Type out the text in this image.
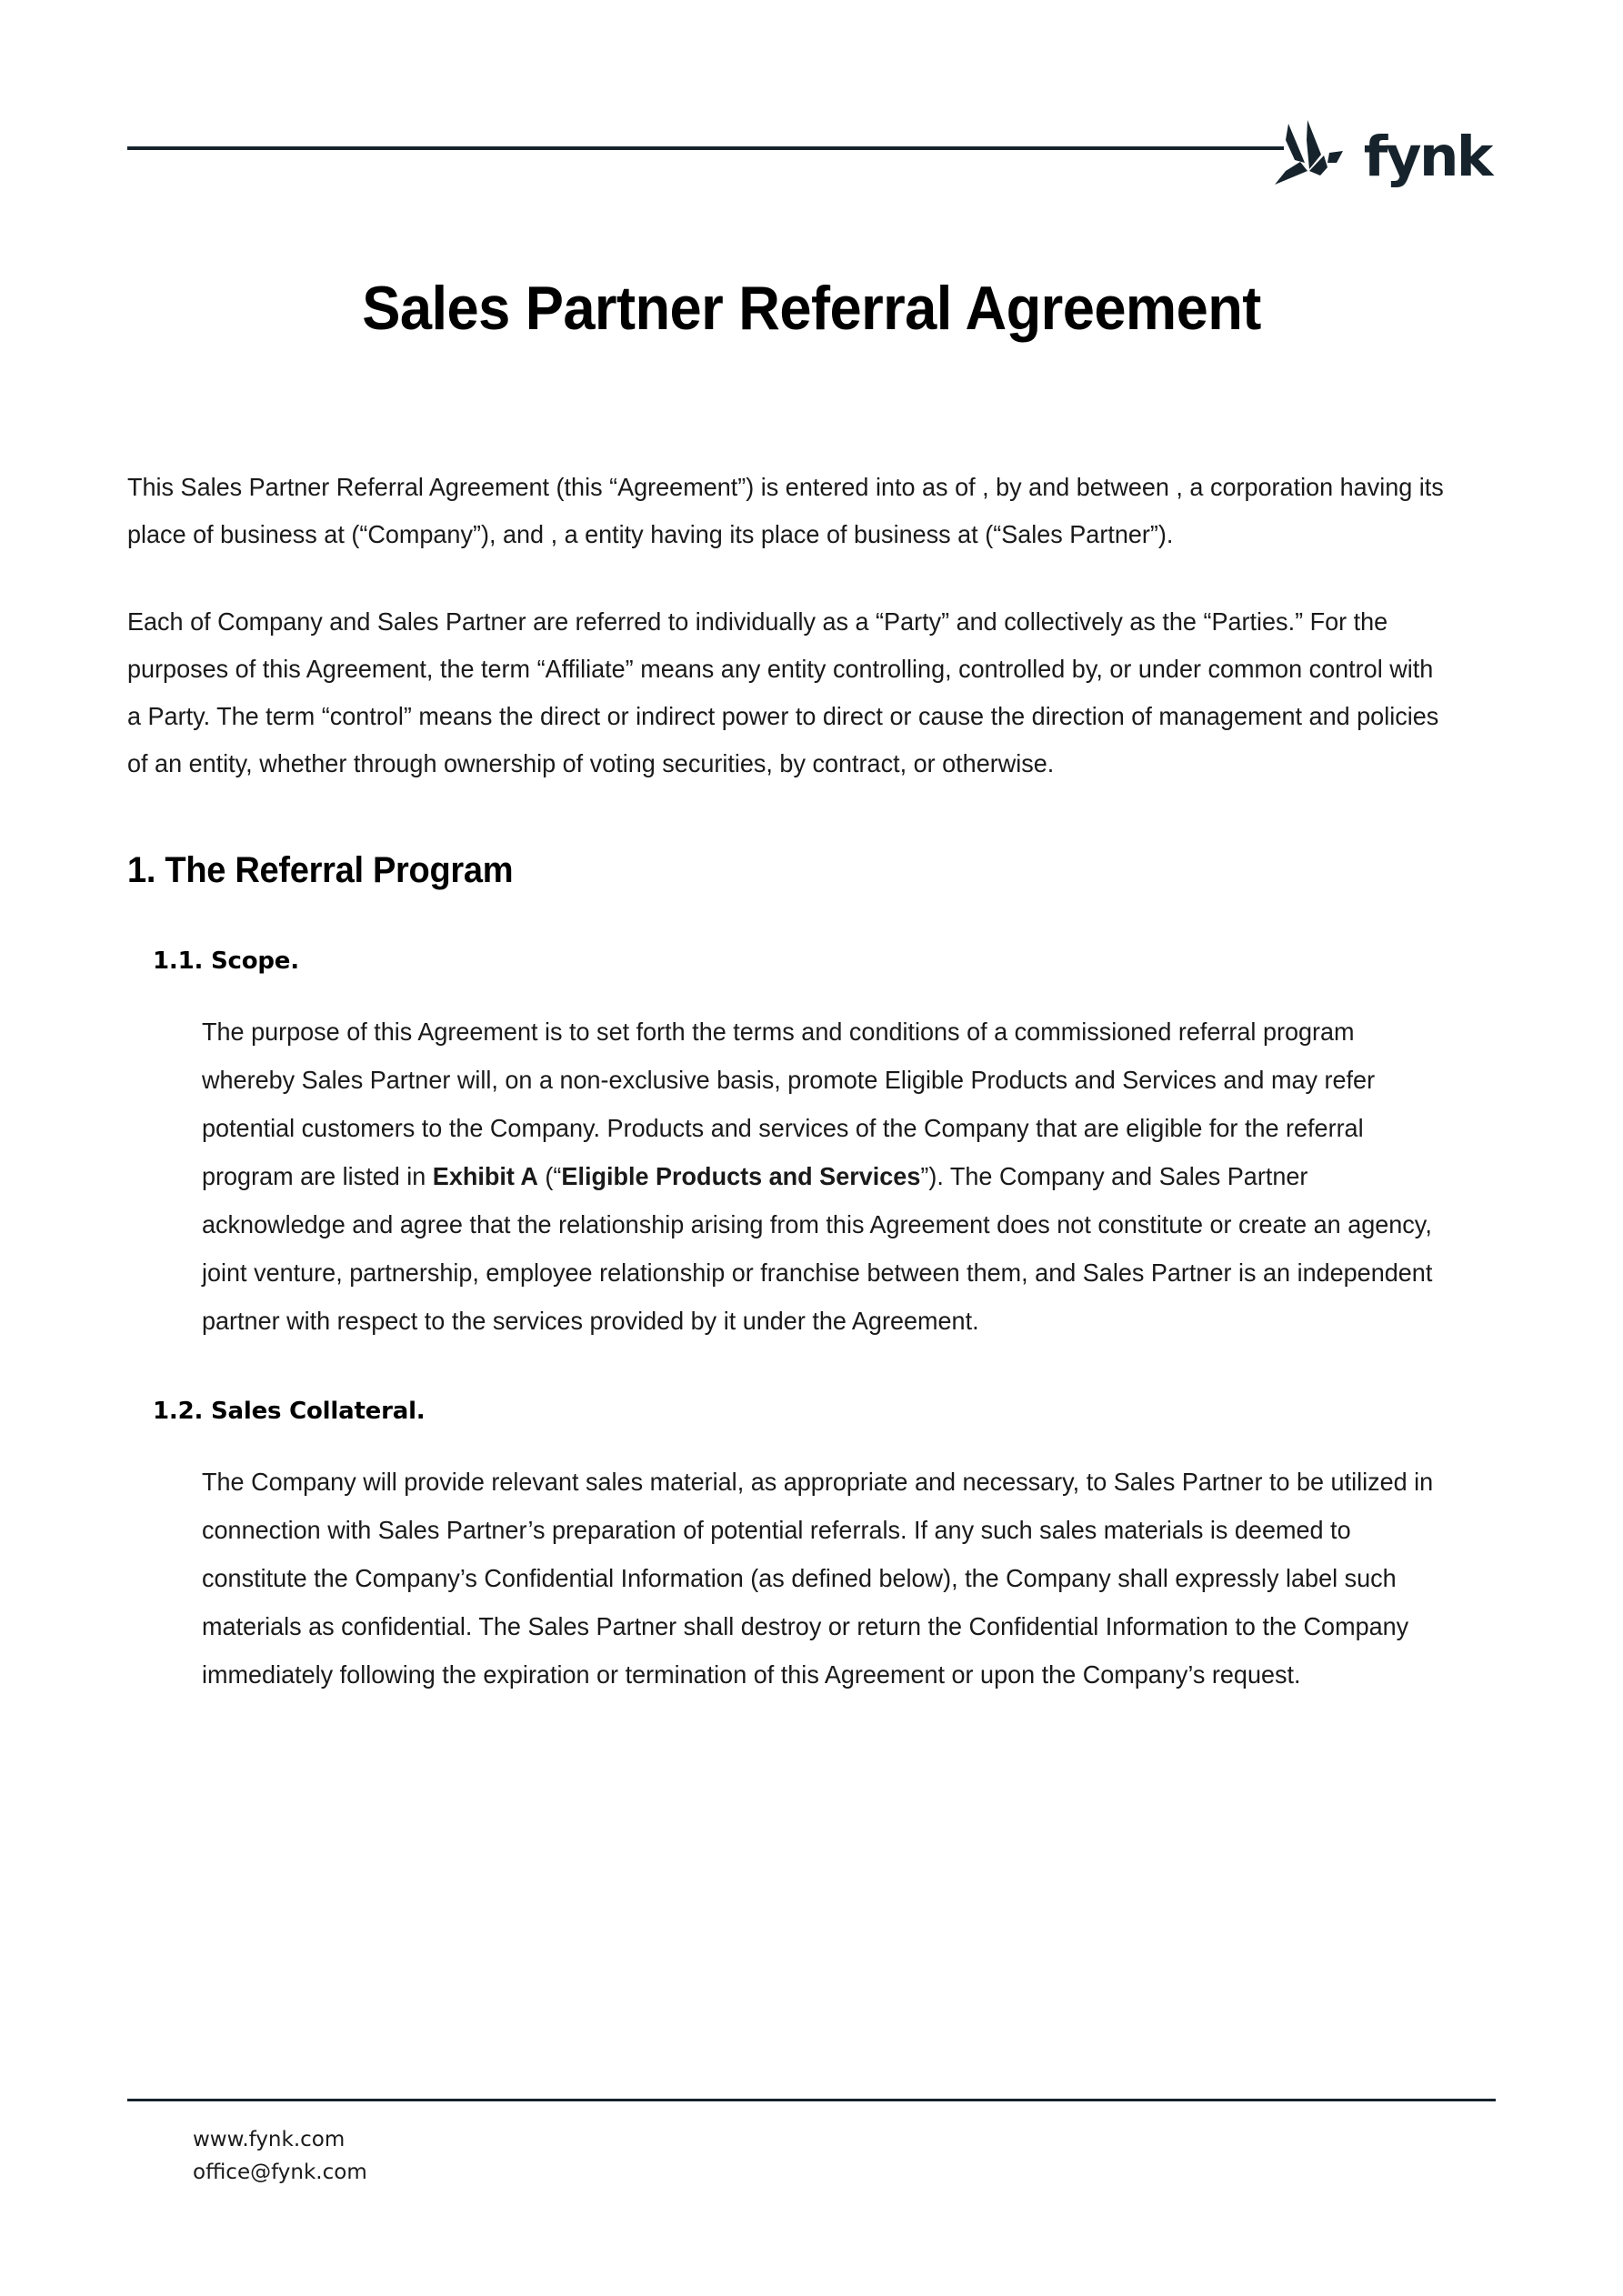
fynk
Sales Partner Referral Agreement

This Sales Partner Referral Agreement (this “Agreement”) is entered into as of , by and between , a corporation having its place of business at (“Company”), and , a entity having its place of business at (“Sales Partner”).

Each of Company and Sales Partner are referred to individually as a “Party” and collectively as the “Parties.” For the purposes of this Agreement, the term “Affiliate” means any entity controlling, controlled by, or under common control with a Party. The term “control” means the direct or indirect power to direct or cause the direction of management and policies of an entity, whether through ownership of voting securities, by contract, or otherwise.

1. The Referral Program
1.1. Scope.
The purpose of this Agreement is to set forth the terms and conditions of a commissioned referral program whereby Sales Partner will, on a non-exclusive basis, promote Eligible Products and Services and may refer potential customers to the Company. Products and services of the Company that are eligible for the referral program are listed in Exhibit A (“Eligible Products and Services”). The Company and Sales Partner acknowledge and agree that the relationship arising from this Agreement does not constitute or create an agency, joint venture, partnership, employee relationship or franchise between them, and Sales Partner is an independent partner with respect to the services provided by it under the Agreement.
1.2. Sales Collateral.
The Company will provide relevant sales material, as appropriate and necessary, to Sales Partner to be utilized in connection with Sales Partner’s preparation of potential referrals. If any such sales materials is deemed to constitute the Company’s Confidential Information (as defined below), the Company shall expressly label such materials as confidential. The Sales Partner shall destroy or return the Confidential Information to the Company immediately following the expiration or termination of this Agreement or upon the Company’s request.
www.fynk.com
office@fynk.com
